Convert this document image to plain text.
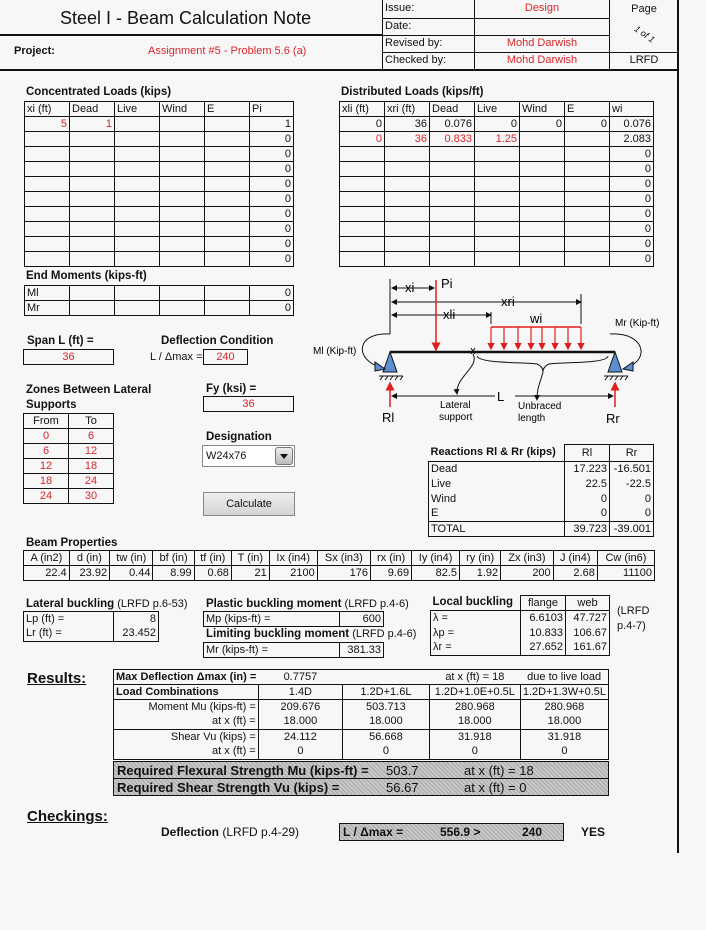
Steel I - Beam Calculation Note
Project:	Assignment #5 - Problem 5.6 (a)
Issue:	Design	Page
Date:		1 of 1
Revised by:	Mohd Darwish	
Checked by:	Mohd Darwish	LRFD
Concentrated Loads (kips)
xi (ft)	Dead	Live	Wind	E	Pi
5	1				1
					0
					0
					0
					0
					0
					0
					0
					0
					0
End Moments (kips-ft)
Ml					0
Mr					0
Distributed Loads (kips/ft)
xli (ft)	xri (ft)	Dead	Live	Wind	E	wi
0	36	0.076	0	0	0	0.076
0	36	0.833	1.25			2.083
						0
						0
						0
						0
						0
						0
						0
						0
Span L (ft) =
36
Deflection Condition
L / Δmax =	240
Zones Between Lateral
Supports
From	To
0	6
6	12
12	18
18	24
24	30
Fy (ksi) =
36
Designation
W24x76
Calculate
xi Pi
xri
xli	wi
Ml (Kip-ft)
Mr (Kip-ft)
L
Rl	Rr
Lateral
support
Unbraced
length
Reactions Rl & Rr (kips)	Rl	Rr
Dead	17.223	-16.501
Live	22.5	-22.5
Wind	0	0
E	0	0
TOTAL	39.723	-39.001
Beam Properties
A (in2)	d (in)	tw (in)	bf (in)	tf (in)	T (in)	Ix (in4)	Sx (in3)	rx (in)	Iy (in4)	ry (in)	Zx (in3)	J (in4)	Cw (in6)
22.4	23.92	0.44	8.99	0.68	21	2100	176	9.69	82.5	1.92	200	2.68	11100
Lateral buckling (LRFD p.6-53)
Lp (ft) =	8
Lr (ft) =	23.452
Plastic buckling moment (LRFD p.4-6)
Mp (kips-ft) =	600
Limiting buckling moment (LRFD p.4-6)
Mr (kips-ft) =	381.33
Local buckling	flange	web
λ =	6.6103	47.727
λp =	10.833	106.67
λr =	27.652	161.67
(LRFD
p.4-7)
Results:	Max Deflection Δmax (in) =	0.7757		at x (ft) = 18	due to live load
Load Combinations	1.4D	1.2D+1.6L	1.2D+1.0E+0.5L	1.2D+1.3W+0.5L
Moment Mu (kips-ft) =	209.676	503.713	280.968	280.968
at x (ft) =	18.000	18.000	18.000	18.000
Shear Vu (kips) =	24.112	56.668	31.918	31.918
at x (ft) =	0	0	0	0
Required Flexural Strength Mu (kips-ft) = 503.7	at x (ft) = 18
Required Shear Strength Vu (kips) =	56.67	at x (ft) = 0
Checkings:
Deflection (LRFD p.4-29)	L / Δmax =	556.9 >	240	YES
